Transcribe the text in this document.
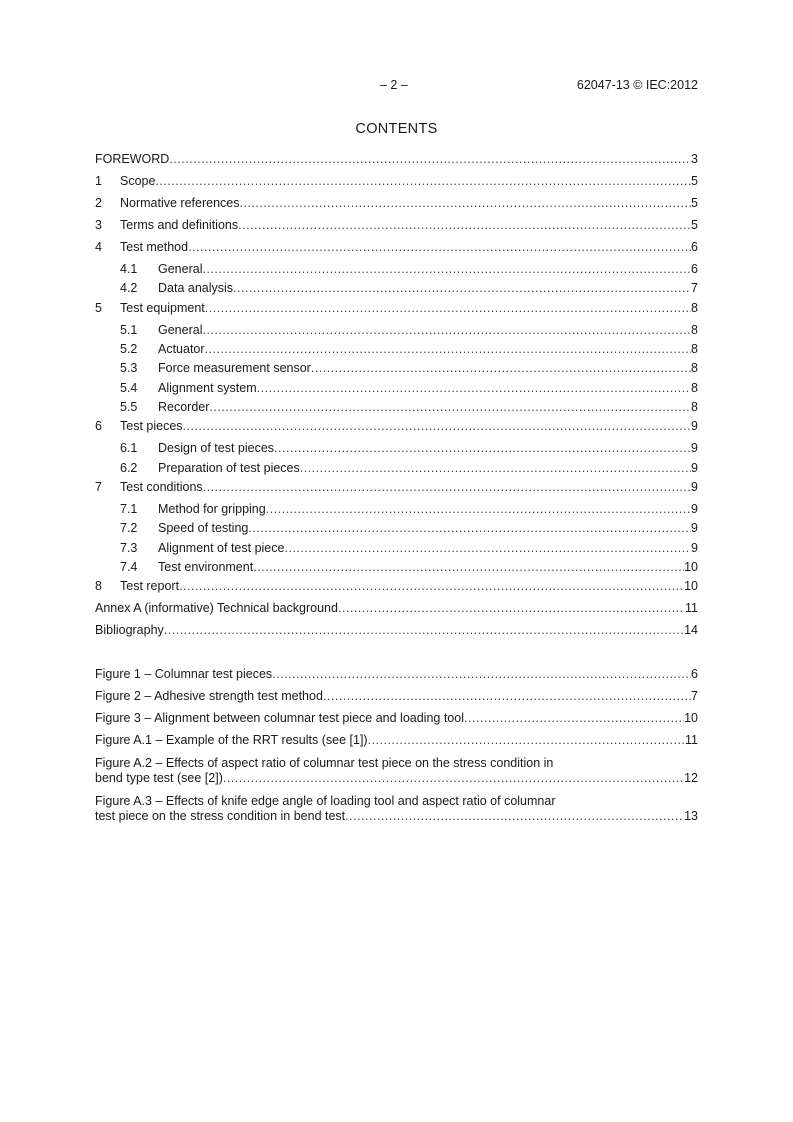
– 2 –	62047-13 © IEC:2012
CONTENTS
FOREWORD .....	3
1	Scope .....	5
2	Normative references .....	5
3	Terms and definitions .....	5
4	Test method .....	6
4.1	General .....	6
4.2	Data analysis .....	7
5	Test equipment .....	8
5.1	General .....	8
5.2	Actuator .....	8
5.3	Force measurement sensor .....	8
5.4	Alignment system .....	8
5.5	Recorder .....	8
6	Test pieces .....	9
6.1	Design of test pieces .....	9
6.2	Preparation of test pieces .....	9
7	Test conditions .....	9
7.1	Method for gripping .....	9
7.2	Speed of testing .....	9
7.3	Alignment of test piece .....	9
7.4	Test environment .....	10
8	Test report .....	10
Annex A (informative) Technical background .....	11
Bibliography .....	14
Figure 1 – Columnar test pieces .....	6
Figure 2 – Adhesive strength test method .....	7
Figure 3 – Alignment between columnar test piece and loading tool .....	10
Figure A.1 – Example of the RRT results (see [1]) .....	11
Figure A.2 – Effects of aspect ratio of columnar test piece on the stress condition in
bend type test (see [2]) .....	12
Figure A.3 – Effects of knife edge angle of loading tool and aspect ratio of columnar
test piece on the stress condition in bend test .....	13
